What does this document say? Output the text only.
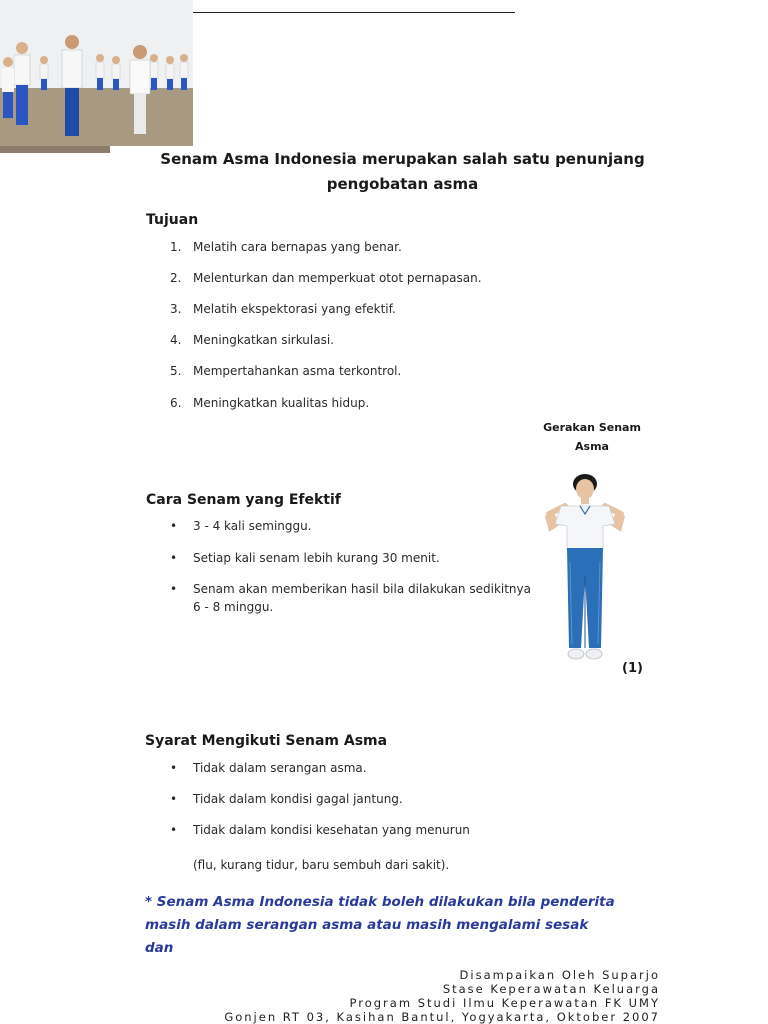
Senam Asma Indonesia merupakan salah satu penunjang
pengobatan asma
Tujuan
1. Melatih cara bernapas yang benar.
2. Melenturkan dan memperkuat otot pernapasan.
3. Melatih ekspektorasi yang efektif.
4. Meningkatkan sirkulasi.
5. Mempertahankan asma terkontrol.
6. Meningkatkan kualitas hidup.
Gerakan Senam
Asma
(1)
Cara Senam yang Efektif
• 3 - 4 kali seminggu.
• Setiap kali senam lebih kurang 30 menit.
• Senam akan memberikan hasil bila dilakukan sedikitnya
6 - 8 minggu.
Syarat Mengikuti Senam Asma
• Tidak dalam serangan asma.
• Tidak dalam kondisi gagal jantung.
• Tidak dalam kondisi kesehatan yang menurun
(flu, kurang tidur, baru sembuh dari sakit).
* Senam Asma Indonesia tidak boleh dilakukan bila penderita
masih dalam serangan asma atau masih mengalami sesak dan
Disampaikan Oleh Suparjo
Stase Keperawatan Keluarga
Program Studi Ilmu Keperawatan FK UMY
Gonjen RT 03, Kasihan Bantul, Yogyakarta, Oktober 2007
